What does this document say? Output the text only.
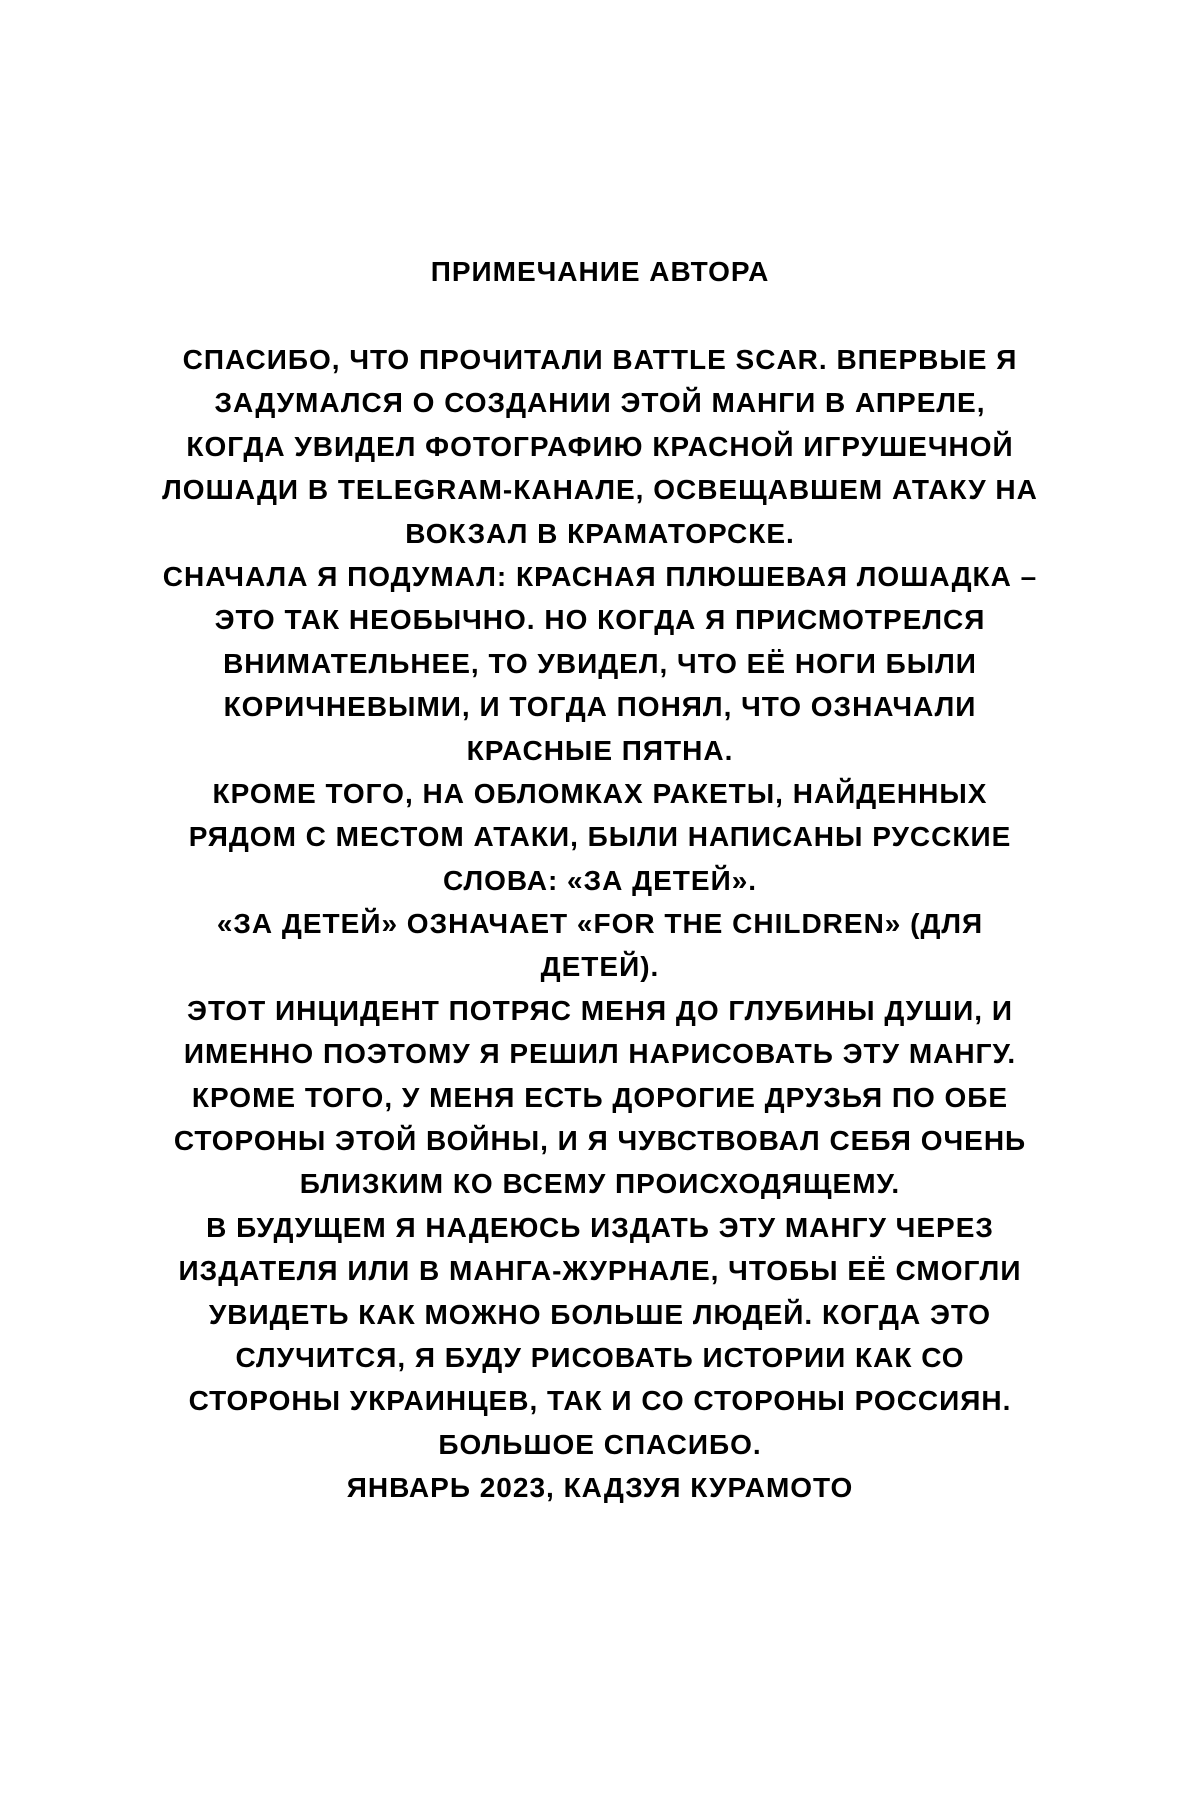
ПРИМЕЧАНИЕ АВТОРА
СПАСИБО, ЧТО ПРОЧИТАЛИ BATTLE SCAR. ВПЕРВЫЕ Я
ЗАДУМАЛСЯ О СОЗДАНИИ ЭТОЙ МАНГИ В АПРЕЛЕ,
КОГДА УВИДЕЛ ФОТОГРАФИЮ КРАСНОЙ ИГРУШЕЧНОЙ
ЛОШАДИ В TELEGRAM-КАНАЛЕ, ОСВЕЩАВШЕМ АТАКУ НА
ВОКЗАЛ В КРАМАТОРСКЕ.
СНАЧАЛА Я ПОДУМАЛ: КРАСНАЯ ПЛЮШЕВАЯ ЛОШАДКА –
ЭТО ТАК НЕОБЫЧНО. НО КОГДА Я ПРИСМОТРЕЛСЯ
ВНИМАТЕЛЬНЕЕ, ТО УВИДЕЛ, ЧТО ЕЁ НОГИ БЫЛИ
КОРИЧНЕВЫМИ, И ТОГДА ПОНЯЛ, ЧТО ОЗНАЧАЛИ
КРАСНЫЕ ПЯТНА.
КРОМЕ ТОГО, НА ОБЛОМКАХ РАКЕТЫ, НАЙДЕННЫХ
РЯДОМ С МЕСТОМ АТАКИ, БЫЛИ НАПИСАНЫ РУССКИЕ
СЛОВА: «ЗА ДЕТЕЙ».
«ЗА ДЕТЕЙ» ОЗНАЧАЕТ «FOR THE CHILDREN» (ДЛЯ
ДЕТЕЙ).
ЭТОТ ИНЦИДЕНТ ПОТРЯС МЕНЯ ДО ГЛУБИНЫ ДУШИ, И
ИМЕННО ПОЭТОМУ Я РЕШИЛ НАРИСОВАТЬ ЭТУ МАНГУ.
КРОМЕ ТОГО, У МЕНЯ ЕСТЬ ДОРОГИЕ ДРУЗЬЯ ПО ОБЕ
СТОРОНЫ ЭТОЙ ВОЙНЫ, И Я ЧУВСТВОВАЛ СЕБЯ ОЧЕНЬ
БЛИЗКИМ КО ВСЕМУ ПРОИСХОДЯЩЕМУ.
В БУДУЩЕМ Я НАДЕЮСЬ ИЗДАТЬ ЭТУ МАНГУ ЧЕРЕЗ
ИЗДАТЕЛЯ ИЛИ В МАНГА-ЖУРНАЛЕ, ЧТОБЫ ЕЁ СМОГЛИ
УВИДЕТЬ КАК МОЖНО БОЛЬШЕ ЛЮДЕЙ. КОГДА ЭТО
СЛУЧИТСЯ, Я БУДУ РИСОВАТЬ ИСТОРИИ КАК СО
СТОРОНЫ УКРАИНЦЕВ, ТАК И СО СТОРОНЫ РОССИЯН.
БОЛЬШОЕ СПАСИБО.
ЯНВАРЬ 2023, КАДЗУЯ КУРАМОТО
